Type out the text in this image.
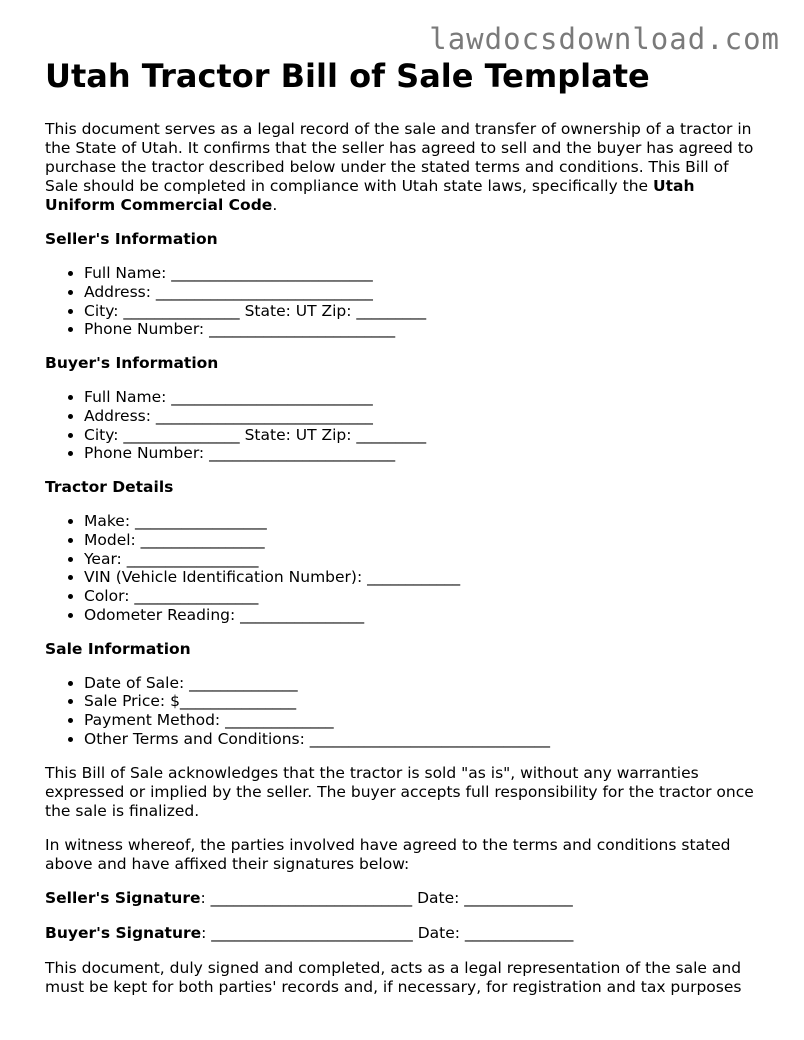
lawdocsdownload.com
Utah Tractor Bill of Sale Template

This document serves as a legal record of the sale and transfer of ownership of a tractor in the State of Utah. It confirms that the seller has agreed to sell and the buyer has agreed to purchase the tractor described below under the stated terms and conditions. This Bill of Sale should be completed in compliance with Utah state laws, specifically the Utah Uniform Commercial Code.

Seller's Information
• Full Name: __________________________
• Address: ____________________________
• City: _______________ State: UT Zip: _________
• Phone Number: ________________________
Buyer's Information
• Full Name: __________________________
• Address: ____________________________
• City: _______________ State: UT Zip: _________
• Phone Number: ________________________
Tractor Details
• Make: _________________
• Model: ________________
• Year: _________________
• VIN (Vehicle Identification Number): ____________
• Color: ________________
• Odometer Reading: ________________
Sale Information
• Date of Sale: ______________
• Sale Price: $_______________
• Payment Method: ______________
• Other Terms and Conditions: _______________________________

This Bill of Sale acknowledges that the tractor is sold "as is", without any warranties expressed or implied by the seller. The buyer accepts full responsibility for the tractor once the sale is finalized.

In witness whereof, the parties involved have agreed to the terms and conditions stated above and have affixed their signatures below:

Seller's Signature: __________________________ Date: ______________

Buyer's Signature: __________________________ Date: ______________

This document, duly signed and completed, acts as a legal representation of the sale and must be kept for both parties' records and, if necessary, for registration and tax purposes
